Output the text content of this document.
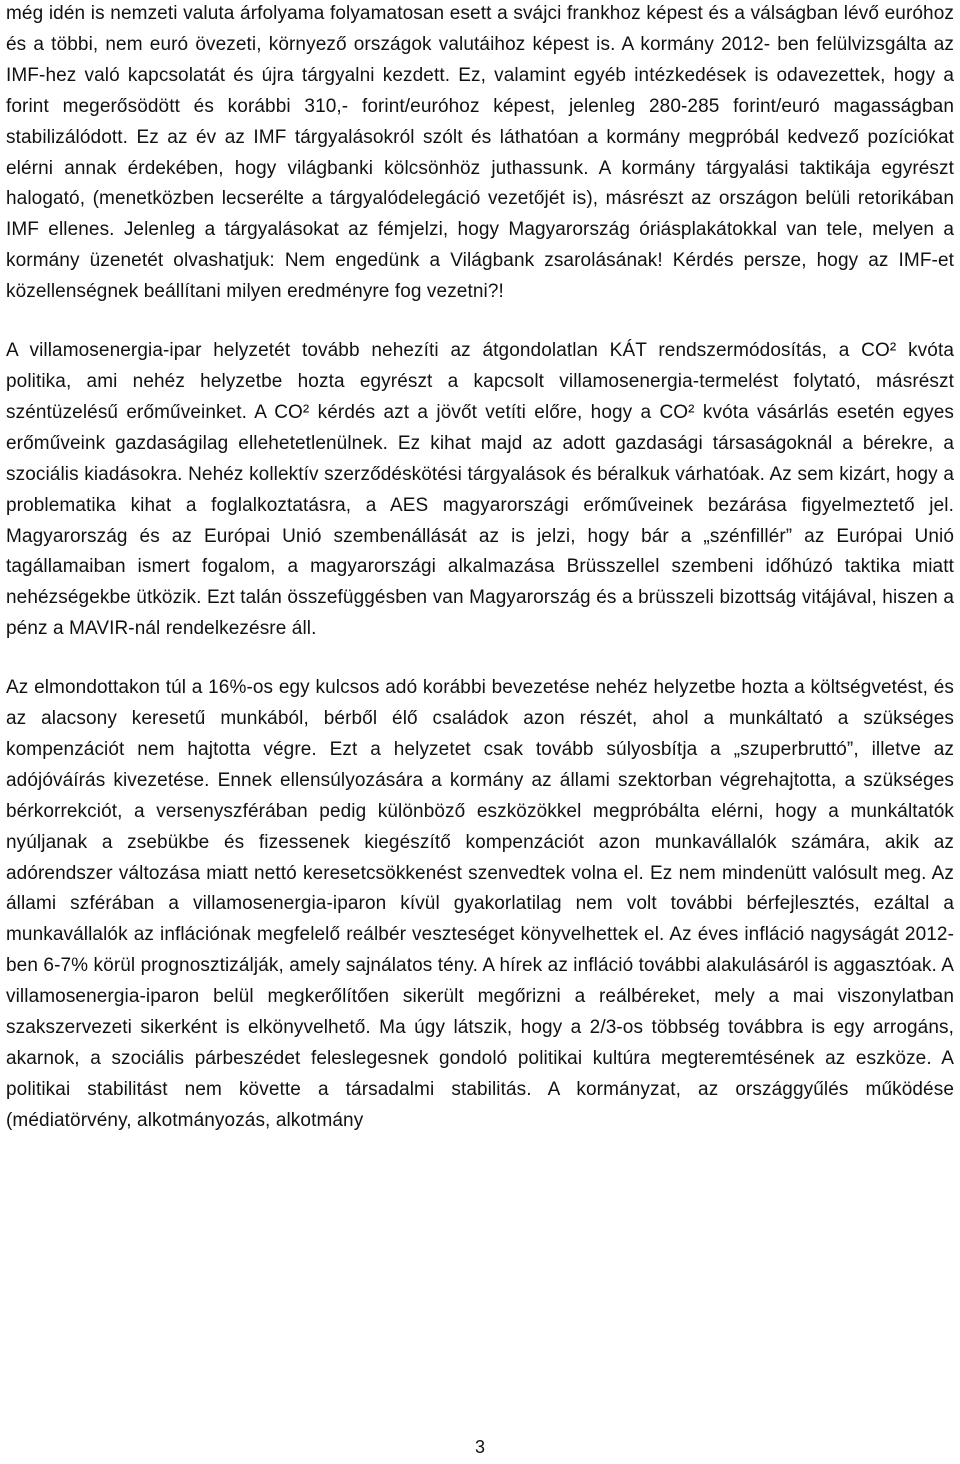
még idén is nemzeti valuta árfolyama folyamatosan esett a svájci frankhoz képest és a válságban lévő euróhoz és a többi, nem euró övezeti, környező országok valutáihoz képest is. A kormány 2012- ben felülvizsgálta az IMF-hez való kapcsolatát és újra tárgyalni kezdett. Ez, valamint egyéb intézkedések is odavezettek, hogy a forint megerősödött és korábbi 310,- forint/euróhoz képest, jelenleg 280-285 forint/euró magasságban stabilizálódott. Ez az év az IMF tárgyalásokról szólt és láthatóan a kormány megpróbál kedvező pozíciókat elérni annak érdekében, hogy világbanki kölcsönhöz juthassunk. A kormány tárgyalási taktikája egyrészt halogató, (menetközben lecserélte a tárgyalódelegáció vezetőjét is), másrészt az országon belüli retorikában IMF ellenes. Jelenleg a tárgyalásokat az fémjelzi, hogy Magyarország óriásplakátokkal van tele, melyen a kormány üzenetét olvashatjuk: Nem engedünk a Világbank zsarolásának! Kérdés persze, hogy az IMF-et közellenségnek beállítani milyen eredményre fog vezetni?!

A villamosenergia-ipar helyzetét tovább nehezíti az átgondolatlan KÁT rendszermódosítás, a CO² kvóta politika, ami nehéz helyzetbe hozta egyrészt a kapcsolt villamosenergia-termelést folytató, másrészt széntüzelésű erőműveinket. A CO² kérdés azt a jövőt vetíti előre, hogy a CO² kvóta vásárlás esetén egyes erőműveink gazdaságilag ellehetetlenülnek. Ez kihat majd az adott gazdasági társaságoknál a bérekre, a szociális kiadásokra. Nehéz kollektív szerződéskötési tárgyalások és béralkuk várhatóak. Az sem kizárt, hogy a problematika kihat a foglalkoztatásra, a AES magyarországi erőműveinek bezárása figyelmeztető jel. Magyarország és az Európai Unió szembenállását az is jelzi, hogy bár a „szénfillér” az Európai Unió tagállamaiban ismert fogalom, a magyarországi alkalmazása Brüsszellel szembeni időhúzó taktika miatt nehézségekbe ütközik. Ezt talán összefüggésben van Magyarország és a brüsszeli bizottság vitájával, hiszen a pénz a MAVIR-nál rendelkezésre áll.

Az elmondottakon túl a 16%-os egy kulcsos adó korábbi bevezetése nehéz helyzetbe hozta a költségvetést, és az alacsony keresetű munkából, bérből élő családok azon részét, ahol a munkáltató a szükséges kompenzációt nem hajtotta végre. Ezt a helyzetet csak tovább súlyosbítja a „szuperbruttó”, illetve az adójóváírás kivezetése. Ennek ellensúlyozására a kormány az állami szektorban végrehajtotta, a szükséges bérkorrekciót, a versenyszférában pedig különböző eszközökkel megpróbálta elérni, hogy a munkáltatók nyúljanak a zsebükbe és fizessenek kiegészítő kompenzációt azon munkavállalók számára, akik az adórendszer változása miatt nettó keresetcsökkenést szenvedtek volna el. Ez nem mindenütt valósult meg. Az állami szférában a villamosenergia-iparon kívül gyakorlatilag nem volt további bérfejlesztés, ezáltal a munkavállalók az inflációnak megfelelő reálbér veszteséget könyvelhettek el. Az éves infláció nagyságát 2012-ben 6-7% körül prognosztizálják, amely sajnálatos tény. A hírek az infláció további alakulásáról is aggasztóak. A villamosenergia-iparon belül megkerőlítően sikerült megőrizni a reálbéreket, mely a mai viszonylatban szakszervezeti sikerként is elkönyvelhető. Ma úgy látszik, hogy a 2/3-os többség továbbra is egy arrogáns, akarnok, a szociális párbeszédet feleslegesnek gondoló politikai kultúra megteremtésének az eszköze. A politikai stabilitást nem követte a társadalmi stabilitás. A kormányzat, az országgyűlés működése (médiatörvény, alkotmányozás, alkotmány

3
